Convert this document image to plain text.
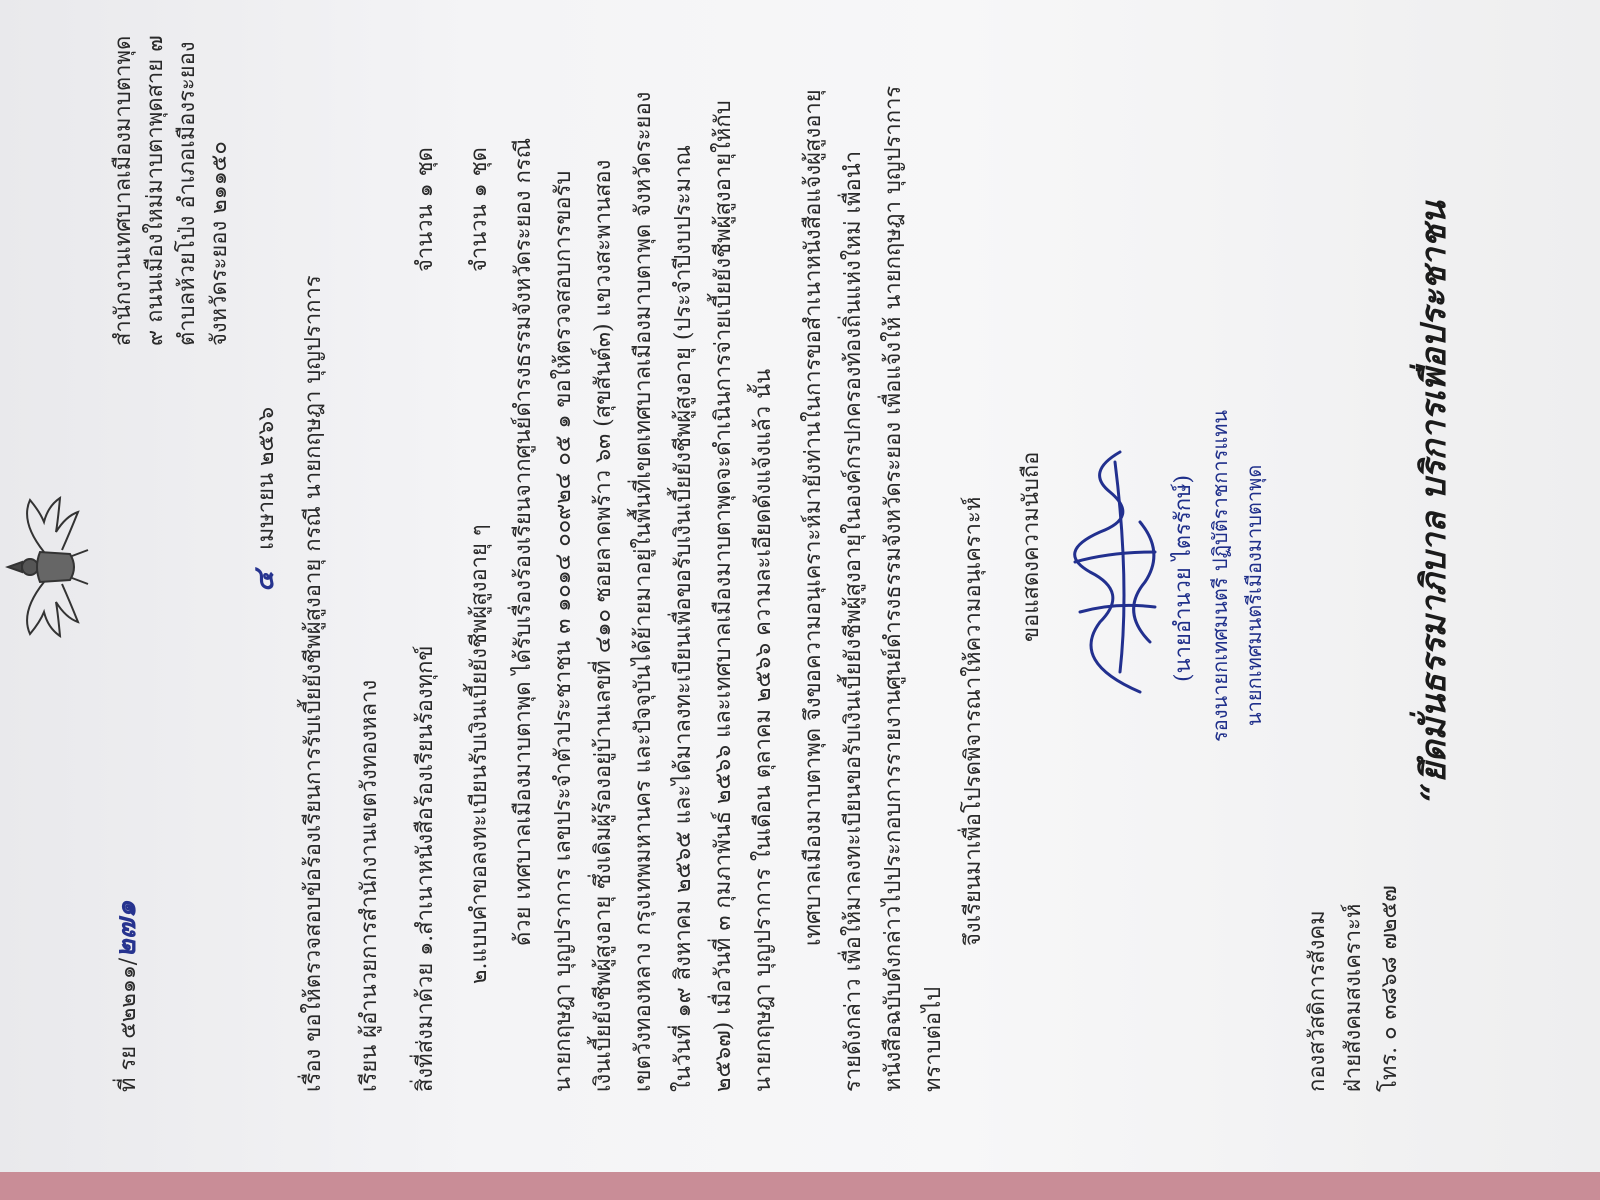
ที่ รย ๕๒๒๑๑/๒๗๑
สำนักงานเทศบาลเมืองมาบตาพุด ๙ ถนนเมืองใหม่มาบตาพุดสาย ๗ ตำบลห้วยโป่ง อำเภอเมืองระยอง จังหวัดระยอง ๒๑๑๕๐
๔ เมษายน ๒๕๖๖ เรื่อง ขอให้ตรวจสอบข้อร้องเรียนการรับเบี้ยยังชีพผู้สูงอายุ กรณี นายกฤษฎา บุญปราการ เรียน ผู้อำนวยการสำนักงานเขตวังทองหลาง สิ่งที่ส่งมาด้วย ๑.สำเนาหนังสือร้องเรียนร้องทุกข์
จำนวน ๑ ชุด
๒.แบบคำขอลงทะเบียนรับเงินเบี้ยยังชีพผู้สูงอายุ ๆ
จำนวน ๑ ชุด ด้วย เทศบาลเมืองมาบตาพุด ได้รับเรื่องร้องเรียนจากศูนย์ดำรงธรรมจังหวัดระยอง กรณี นายกฤษฎา บุญปราการ เลขประจำตัวประชาชน ๓ ๑๐๑๔ ๐๐๙๒๔ ๐๕ ๑ ขอให้ตรวจสอบการขอรับ เงินเบี้ยยังชีพผู้สูงอายุ ซึ่งเดิมผู้ร้องอยู่บ้านเลขที่ ๔๑๐ ซอยลาดพร้าว ๖๓ (สุขสันต์๓) แขวงสะพานสอง เขตวังทองหลาง กรุงเทพมหานคร และปัจจุบันได้ย้ายมาอยู่ในพื้นที่เขตเทศบาลเมืองมาบตาพุด จังหวัดระยอง ในวันที่ ๑๙ สิงหาคม ๒๕๖๕ และได้มาลงทะเบียนเพื่อขอรับเงินเบี้ยยังชีพผู้สูงอายุ (ประจำปีงบประมาณ ๒๕๖๗) เมื่อวันที่ ๓ กุมภาพันธ์ ๒๕๖๖ และเทศบาลเมืองมาบตาพุดจะดำเนินการจ่ายเบี้ยยังชีพผู้สูงอายุให้กับ นายกฤษฎา บุญปราการ ในเดือน ตุลาคม ๒๕๖๖ ความละเอียดดังแจ้งแล้ว นั้น เทศบาลเมืองมาบตาพุด จึงขอความอนุเคราะห์มายังท่านในการขอสำเนาหนังสือแจ้งผู้สูงอายุ รายดังกล่าว เพื่อให้มาลงทะเบียนขอรับเงินเบี้ยยังชีพผู้สูงอายุในองค์กรปกครองท้องถิ่นแห่งใหม่ เพื่อนำ หนังสือฉบับดังกล่าวไปประกอบการรายงานศูนย์ดำรงธรรมจังหวัดระยอง เพื่อแจ้งให้ นายกฤษฎา บุญปราการ ทราบต่อไป
จึงเรียนมาเพื่อโปรดพิจารณาให้ความอนุเคราะห์ ขอแสดงความนับถือ	(นายอำนวย ไตรรักษ์) รองนายกเทศมนตรี ปฏิบัติราชการแทน นายกเทศมนตรีเมืองมาบตาพุด
กองสวัสดิการสังคม ฝ่ายสังคมสงเคราะห์ โทร. ๐ ๓๘๖๘ ๗๒๕๗
“ยึดมั่นธรรมาภิบาล บริการเพื่อประชาชน
